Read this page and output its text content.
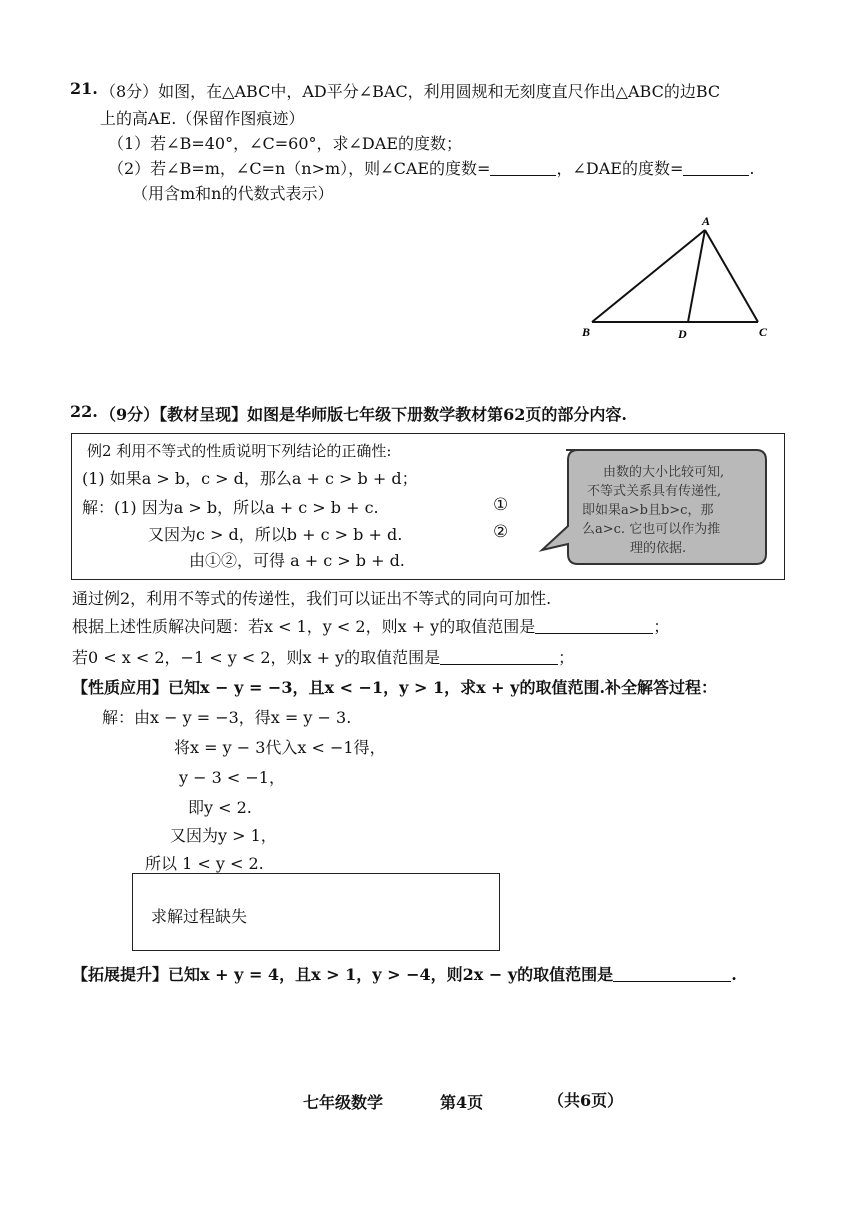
21. （8分）如图，在△ABC中，AD平分∠BAC，利用圆规和无刻度直尺作出△ABC的边BC
上的高AE.（保留作图痕迹）
（1）若∠B=40°，∠C=60°，求∠DAE的度数；
（2）若∠B=m，∠C=n（n>m），则∠CAE的度数=	，∠DAE的度数=	.
（用含m和n的代数式表示）
A
B	D	C
22. （9分）【教材呈现】如图是华师版七年级下册数学教材第62页的部分内容.
例2 利用不等式的性质说明下列结论的正确性:
(1) 如果a > b，c > d，那么a + c > b + d；
解：(1) 因为a > b，所以a + c > b + c.	①
又因为c > d，所以b + c > b + d.	②
由①②，可得 a + c > b + d.
由数的大小比较可知,
不等式关系具有传递性,
即如果a>b且b>c，那
么a>c. 它也可以作为推
理的依据.
通过例2，利用不等式的传递性，我们可以证出不等式的同向可加性.
根据上述性质解决问题：若x < 1，y < 2，则x + y的取值范围是	；
若0 < x < 2，−1 < y < 2，则x + y的取值范围是	；
【性质应用】已知x − y = −3，且x < −1，y > 1，求x + y的取值范围.补全解答过程：
解：由x − y = −3，得x = y − 3.
将x = y − 3代入x < −1得，
y − 3 < −1，
即y < 2.
又因为y > 1，
所以 1 < y < 2.
求解过程缺失
【拓展提升】已知x + y = 4，且x > 1，y > −4，则2x − y的取值范围是	.
七年级数学	第4页	（共6页）
